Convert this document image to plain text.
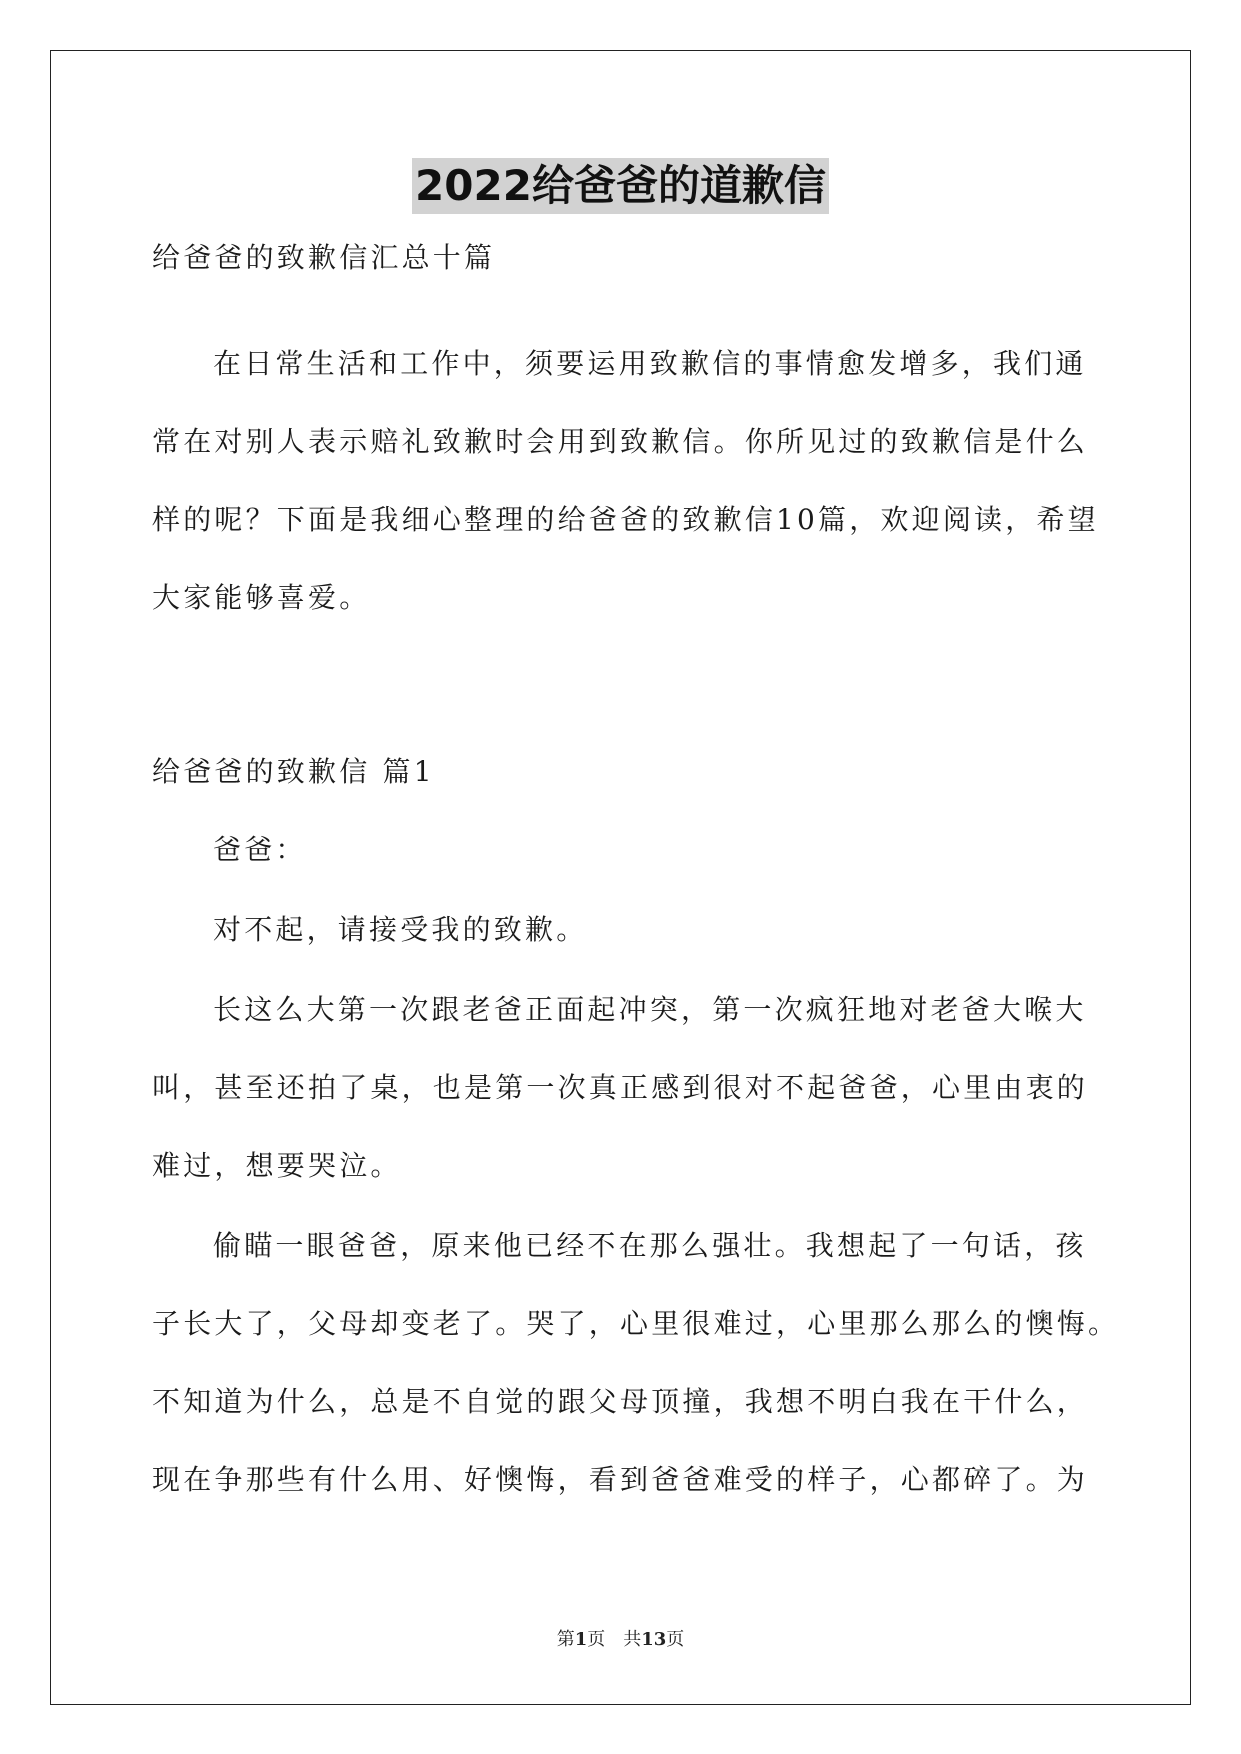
2022给爸爸的道歉信
给爸爸的致歉信汇总十篇
在日常生活和工作中，须要运用致歉信的事情愈发增多，我们通
常在对别人表示赔礼致歉时会用到致歉信。你所见过的致歉信是什么
样的呢？下面是我细心整理的给爸爸的致歉信10篇，欢迎阅读，希望
大家能够喜爱。
给爸爸的致歉信 篇1
爸爸：
对不起，请接受我的致歉。
长这么大第一次跟老爸正面起冲突，第一次疯狂地对老爸大喉大
叫，甚至还拍了桌，也是第一次真正感到很对不起爸爸，心里由衷的
难过，想要哭泣。
偷瞄一眼爸爸，原来他已经不在那么强壮。我想起了一句话，孩
子长大了，父母却变老了。哭了，心里很难过，心里那么那么的懊悔。
不知道为什么，总是不自觉的跟父母顶撞，我想不明白我在干什么，
现在争那些有什么用、好懊悔，看到爸爸难受的样子，心都碎了。为
第1页　共13页
